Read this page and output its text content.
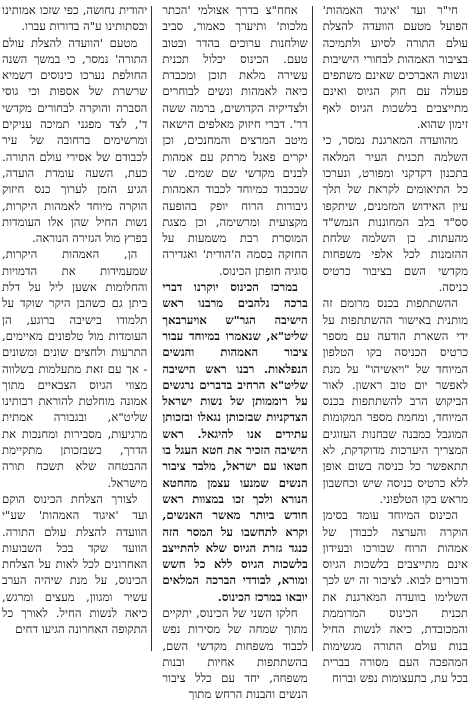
חי"ר ועד 'איגוד האמהות' הפועל מטעם הוועדה להצלת עולם התורה לסיוע ולתמיכה בציבור האמהות לבחורי הישיבות ונשות האברכים שאינם משתפים פעולה עם חוק הגיוס ואינם מתייצבים בלשכות הגיוס לאף זימון שהוא.

מהוועדה המארגנת נמסר, כי השלמה תכנית העיר המלאה בתכנון דקדקני ומפורט, ונערכו כל התיאומים לקראת של תלך עיון האידוש המזמנים, שיתקפו סס"ד בלב המחוננות הנמש"ד מהעתות. כן השלמה שלחת ההזמנות לכל אלפי משפחות מקדשי השם בציבור כרטיס כניסה.

ההשתתפות בכנס מרומם זה מותנית באישור ההשתתפות על ידי השארת הודעה עם מספר כרטיס הכניסה בקו הטלפון המיוחד של "ויאשיהו" על מנת לאפשר יום טוב ראשון. לאור הביקוש הרב להשתתפות בכנס המיוחד, ומחמת מספר המקומות המוגבל כמבנה שבחנות העזוגים המצריך היערכות מדוקדקת, לא תתאפשר כל כניסה בשום אופן ללא כרטיס כניסה שיש וכחשבון מראש בקו הטלפוני.

הכינוס המיוחד עומד בסימן הוקרה והערצה לכבודן של אמהות הרוח שבורכו ובעידון אינם מתייצבים בלשכות הגיוס ודבורים לבוא. לציבור זה יש לכך השלימו בוועדה המארגנת את תכנית הכינוס המרוממת והמכובדת, כיאה לנשות החיל בנות עולם התורה מגשימות המהפכה העם מסורה בברית בכל עת, בתעצומות נפש וברוח

אחח"צ בדרך אצולמי 'הכתר מלכות' ותיערך כאמור, סביב שולחנות ערוכים בהדר ובטוב טעם. הכינוס יכלול תכנית עשירה מלאת תוכן ומכבדת כיאה לאמהות ונשים לבוחרים ולצדיקיה הקדושים, ברמה ששה דר'. דברי חיזוק מאלפים הישאה מיטב המרצים והמחנכים, וכן יקרים פאנל מרתק עם אמהות לבנים מקדשי שם שמים. שר שבכבוד כמיוחד לכבוד האמהות גיבורות הרוח יופק בהופעה מקצועית ומרשימה, וכן מצגת המוסרת רבת משמעות על החזקה בסמה ה'הודית' ואגדירה סוגיה חופתן הכינוס.

במרכז הכינוס יוקרנו דברי ברכה נלהבים מרבנו ראש הישיבה הגר"ש אויערבאך שליט"א, שנאמרו במיוחד עבור ציבור האמהות והנשים הנפלאות. רבנו ראש הישיבה שליט"א הרחיב בדברים נרגשים על רוממותן של נשות ישראל הצדקניות שבזכותן נגאלו ובזכותן עתידים אנו להיגאל. ראש הישיבה הזכיר את חטא העגל בו חטאו עם ישראל, מלבד ציבור הנשים שמנעו עצמן מהחטא הנורא ולכך זכו במצוות ראש חודש ביותר מאשר האנשים, וקרא לתחשבו על המסר הזה כנגד גזרת הגיוס שלא להתייצב בלשכות הגיוס ללא כל חשש ומורא, לבודדי הברכה המלאים יובאו במרכז הכינוס.

חלקו השני של הכינוס, יתקיים מתוך שמחה של מסירות נפש לכבוד משפחות מקדשי השם, בהשתתפות אחיות ובנות משפחה, יחד עם כלל ציבור הנשים והבנות הרחש מתוך

יהודית נחושה, כפי שזכו אמותינו ובסתותינו ע"ה בדורות עברו.

מטעם 'הוועדה להצלת עולם התורה' נמסר, כי במשך השנה החולפת נערכו כינוסים דשמיא שרשרת של אספות וכי גוסי הסברה והוקרה לבחורים מקדשי ד', לצד מפגני תמיכה עניקים ומרשימים ברחובה של עיר לכבודם של אסירי עולם התורה. כעת, השעה עומדת הועדה, הגיע הזמן לערוך כנס חיזוק הוקרה מיוחד לאמהות היקרות, נשות החיל שהן אלו העומדות בפרץ מול הגזירה הנוראה.

הן, האמהות היקרות, שמעמידות את הדמויות והחלומות אשען ליל על דלת ביתן גם כשהבן היקר שוקד על תלמודו בישיבה ברוגע, הן העומדות מול טלפונים מאיימים, התרעות ולחצים שונים ומשונים - אך עם זאת מתעלמות בשלווה מצווי הגיוס הצבאיים מתוך אמונה מוחלטת להוראת רבותינו שליט"א, ובגבורה אמתית מרגיעות, מסבירות ומחנכות את הדרך, כשבזכותן מתקיימת ההבטחה שלא תשכח תורה מישראל.

לצורך הצלחת הכינוס הוקם ועד 'איגוד האמהות' שע"י הוועדה להצלת עולם התורה. הוועד שקד בכל השבועות האחרונים לכל לאות על הצלחת הכינוס, על מנת שיהיה הערב עשיר ומגוון, מעצים ומרגש, כיאה לנשות החיל. לאורך כל התקופה האחרונה הגיעו דחים
